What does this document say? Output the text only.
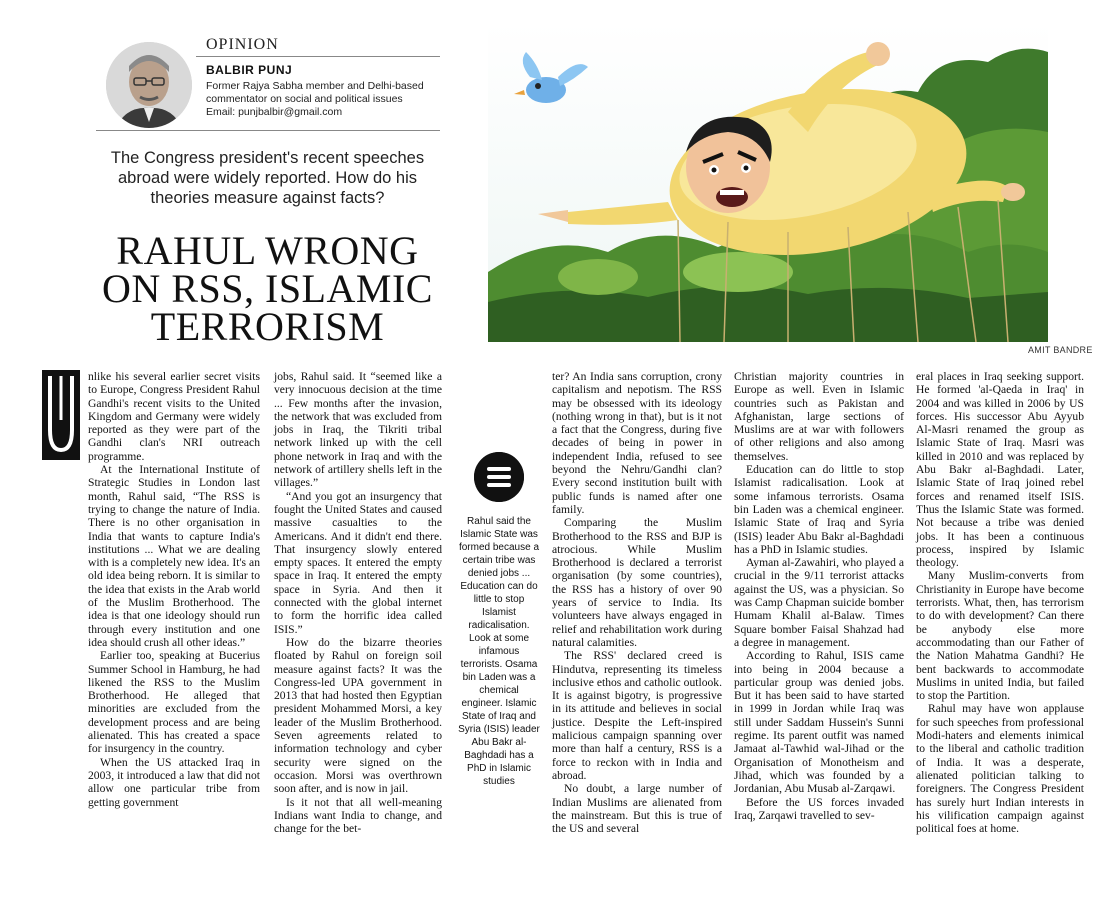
OPINION
BALBIR PUNJ
Former Rajya Sabha member and Delhi-based commentator on social and political issues
Email: punjbalbir@gmail.com
The Congress president's recent speeches abroad were widely reported. How do his theories measure against facts?
RAHUL WRONG ON RSS, ISLAMIC TERRORISM
AMIT BANDRE

nlike his several earlier secret visits to Europe, Congress President Rahul Gandhi's recent visits to the United Kingdom and Germany were widely reported as they were part of the Gandhi clan's NRI outreach programme.

At the International Institute of Strategic Studies in London last month, Rahul said, “The RSS is trying to change the nature of India. There is no other organisation in India that wants to capture India's institutions ... What we are dealing with is a completely new idea. It's an old idea being reborn. It is similar to the idea that exists in the Arab world of the Muslim Brotherhood. The idea is that one ideology should run through every institution and one idea should crush all other ideas.”

Earlier too, speaking at Bucerius Summer School in Hamburg, he had likened the RSS to the Muslim Brotherhood. He alleged that minorities are excluded from the development process and are being alienated. This has created a space for insurgency in the country.

When the US attacked Iraq in 2003, it introduced a law that did not allow one particular tribe from getting government

jobs, Rahul said. It “seemed like a very innocuous decision at the time ... Few months after the invasion, the network that was excluded from jobs in Iraq, the Tikriti tribal network linked up with the cell phone network in Iraq and with the network of artillery shells left in the villages.”

“And you got an insurgency that fought the United States and caused massive casualties to the Americans. And it didn't end there. That insurgency slowly entered empty spaces. It entered the empty space in Iraq. It entered the empty space in Syria. And then it connected with the global internet to form the horrific idea called ISIS.”

How do the bizarre theories floated by Rahul on foreign soil measure against facts? It was the Congress-led UPA government in 2013 that had hosted then Egyptian president Mohammed Morsi, a key leader of the Muslim Brotherhood. Seven agreements related to information technology and cyber security were signed on the occasion. Morsi was overthrown soon after, and is now in jail.

Is it not that all well-meaning Indians want India to change, and change for the bet-

Rahul said the Islamic State was formed because a certain tribe was denied jobs ... Education can do little to stop Islamist radicalisation. Look at some infamous terrorists. Osama bin Laden was a chemical engineer. Islamic State of Iraq and Syria (ISIS) leader Abu Bakr al-Baghdadi has a PhD in Islamic studies

ter? An India sans corruption, crony capitalism and nepotism. The RSS may be obsessed with its ideology (nothing wrong in that), but is it not a fact that the Congress, during five decades of being in power in independent India, refused to see beyond the Nehru/Gandhi clan? Every second institution built with public funds is named after one family.

Comparing the Muslim Brotherhood to the RSS and BJP is atrocious. While Muslim Brotherhood is declared a terrorist organisation (by some countries), the RSS has a history of over 90 years of service to India. Its volunteers have always engaged in relief and rehabilitation work during natural calamities.

The RSS' declared creed is Hindutva, representing its timeless inclusive ethos and catholic outlook. It is against bigotry, is progressive in its attitude and believes in social justice. Despite the Left-inspired malicious campaign spanning over more than half a century, RSS is a force to reckon with in India and abroad.

No doubt, a large number of Indian Muslims are alienated from the mainstream. But this is true of the US and several

Christian majority countries in Europe as well. Even in Islamic countries such as Pakistan and Afghanistan, large sections of Muslims are at war with followers of other religions and also among themselves.

Education can do little to stop Islamist radicalisation. Look at some infamous terrorists. Osama bin Laden was a chemical engineer. Islamic State of Iraq and Syria (ISIS) leader Abu Bakr al-Baghdadi has a PhD in Islamic studies.

Ayman al-Zawahiri, who played a crucial in the 9/11 terrorist attacks against the US, was a physician. So was Camp Chapman suicide bomber Humam Khalil al-Balaw. Times Square bomber Faisal Shahzad had a degree in management.

According to Rahul, ISIS came into being in 2004 because a particular group was denied jobs. But it has been said to have started in 1999 in Jordan while Iraq was still under Saddam Hussein's Sunni regime. Its parent outfit was named Jamaat al-Tawhid wal-Jihad or the Organisation of Monotheism and Jihad, which was founded by a Jordanian, Abu Musab al-Zarqawi.

Before the US forces invaded Iraq, Zarqawi travelled to sev-

eral places in Iraq seeking support. He formed 'al-Qaeda in Iraq' in 2004 and was killed in 2006 by US forces. His successor Abu Ayyub Al-Masri renamed the group as Islamic State of Iraq. Masri was killed in 2010 and was replaced by Abu Bakr al-Baghdadi. Later, Islamic State of Iraq joined rebel forces and renamed itself ISIS. Thus the Islamic State was formed. Not because a tribe was denied jobs. It has been a continuous process, inspired by Islamic theology.

Many Muslim-converts from Christianity in Europe have become terrorists. What, then, has terrorism to do with development? Can there be anybody else more accommodating than our Father of the Nation Mahatma Gandhi? He bent backwards to accommodate Muslims in united India, but failed to stop the Partition.

Rahul may have won applause for such speeches from professional Modi-haters and elements inimical to the liberal and catholic tradition of India. It was a desperate, alienated politician talking to foreigners. The Congress President has surely hurt Indian interests in his vilification campaign against political foes at home.
